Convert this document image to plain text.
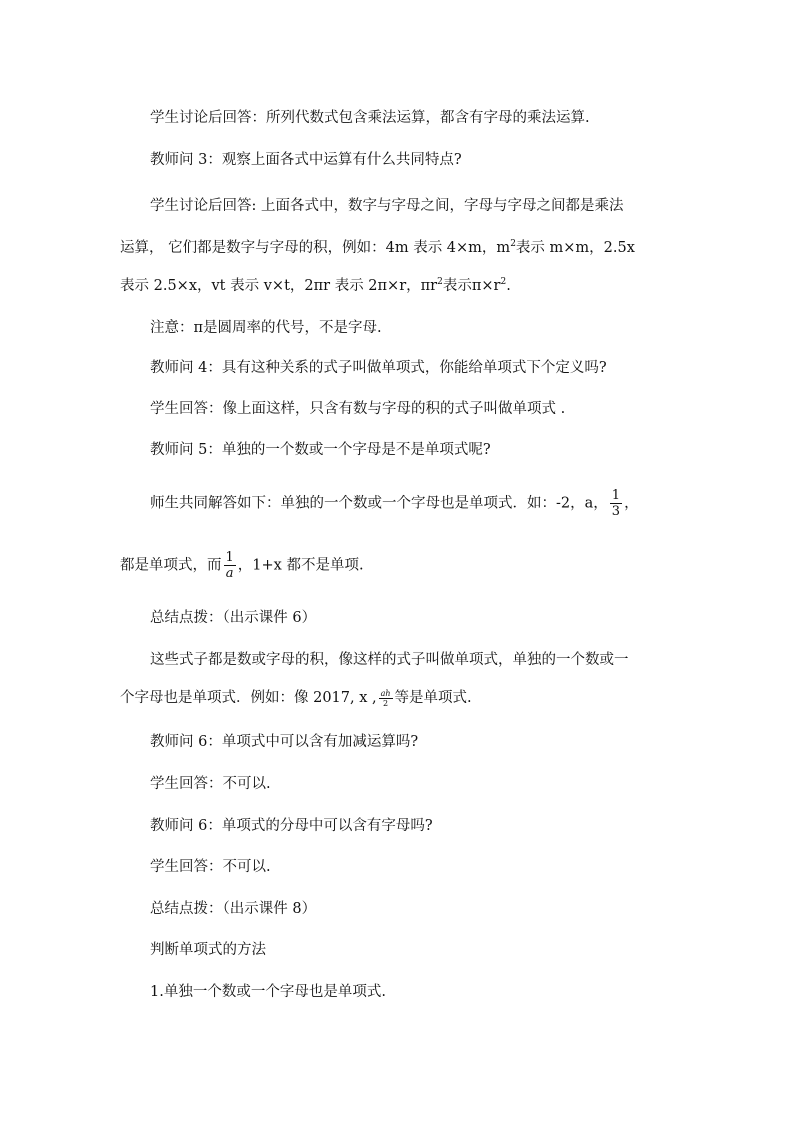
学生讨论后回答：所列代数式包含乘法运算，都含有字母的乘法运算.
教师问 3：观察上面各式中运算有什么共同特点?
学生讨论后回答: 上面各式中，数字与字母之间，字母与字母之间都是乘法
运算， 它们都是数字与字母的积，例如：4m 表示 4×m，$m^2$表示 m×m，2.5x
表示 2.5×x，vt 表示 v×t，2πr 表示 2π×r，$\pi r^2$表示$\pi\times r^2$.
注意：π是圆周率的代号，不是字母.
教师问 4：具有这种关系的式子叫做单项式，你能给单项式下个定义吗?
学生回答：像上面这样，只含有数与字母的积的式子叫做单项式 .
教师问 5：单独的一个数或一个字母是不是单项式呢?
师生共同解答如下：单独的一个数或一个字母也是单项式．如：-2，a， $\frac{1}{3}$ ，
都是单项式，而 $\frac{1}{a}$ ，1+x 都不是单项.
总结点拨：（出示课件 6）
这些式子都是数或字母的积，像这样的式子叫做单项式，单独的一个数或一
个字母也是单项式．例如：像 2017, x , $\frac{ah}{2}$ 等是单项式.
教师问 6：单项式中可以含有加减运算吗?
学生回答：不可以.
教师问 6：单项式的分母中可以含有字母吗?
学生回答：不可以.
总结点拨：（出示课件 8）
判断单项式的方法
1.单独一个数或一个字母也是单项式.
